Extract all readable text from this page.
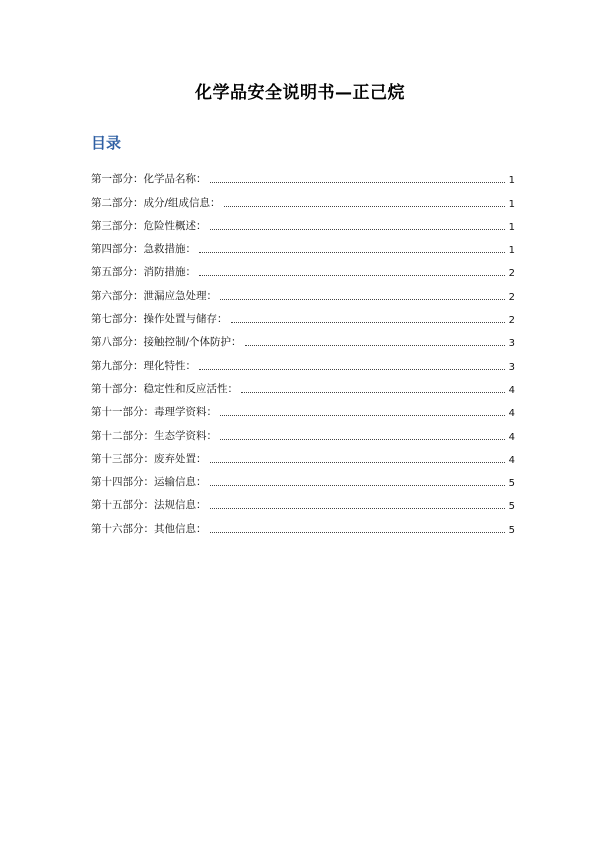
化学品安全说明书—正己烷
目录
第一部分：化学品名称：	1
第二部分：成分/组成信息：	1
第三部分：危险性概述：	1
第四部分：急救措施：	1
第五部分：消防措施：	2
第六部分：泄漏应急处理：	2
第七部分：操作处置与储存：	2
第八部分：接触控制/个体防护：	3
第九部分：理化特性：	3
第十部分：稳定性和反应活性：	4
第十一部分：毒理学资料：	4
第十二部分：生态学资料：	4
第十三部分：废弃处置：	4
第十四部分：运输信息：	5
第十五部分：法规信息：	5
第十六部分：其他信息：	5
